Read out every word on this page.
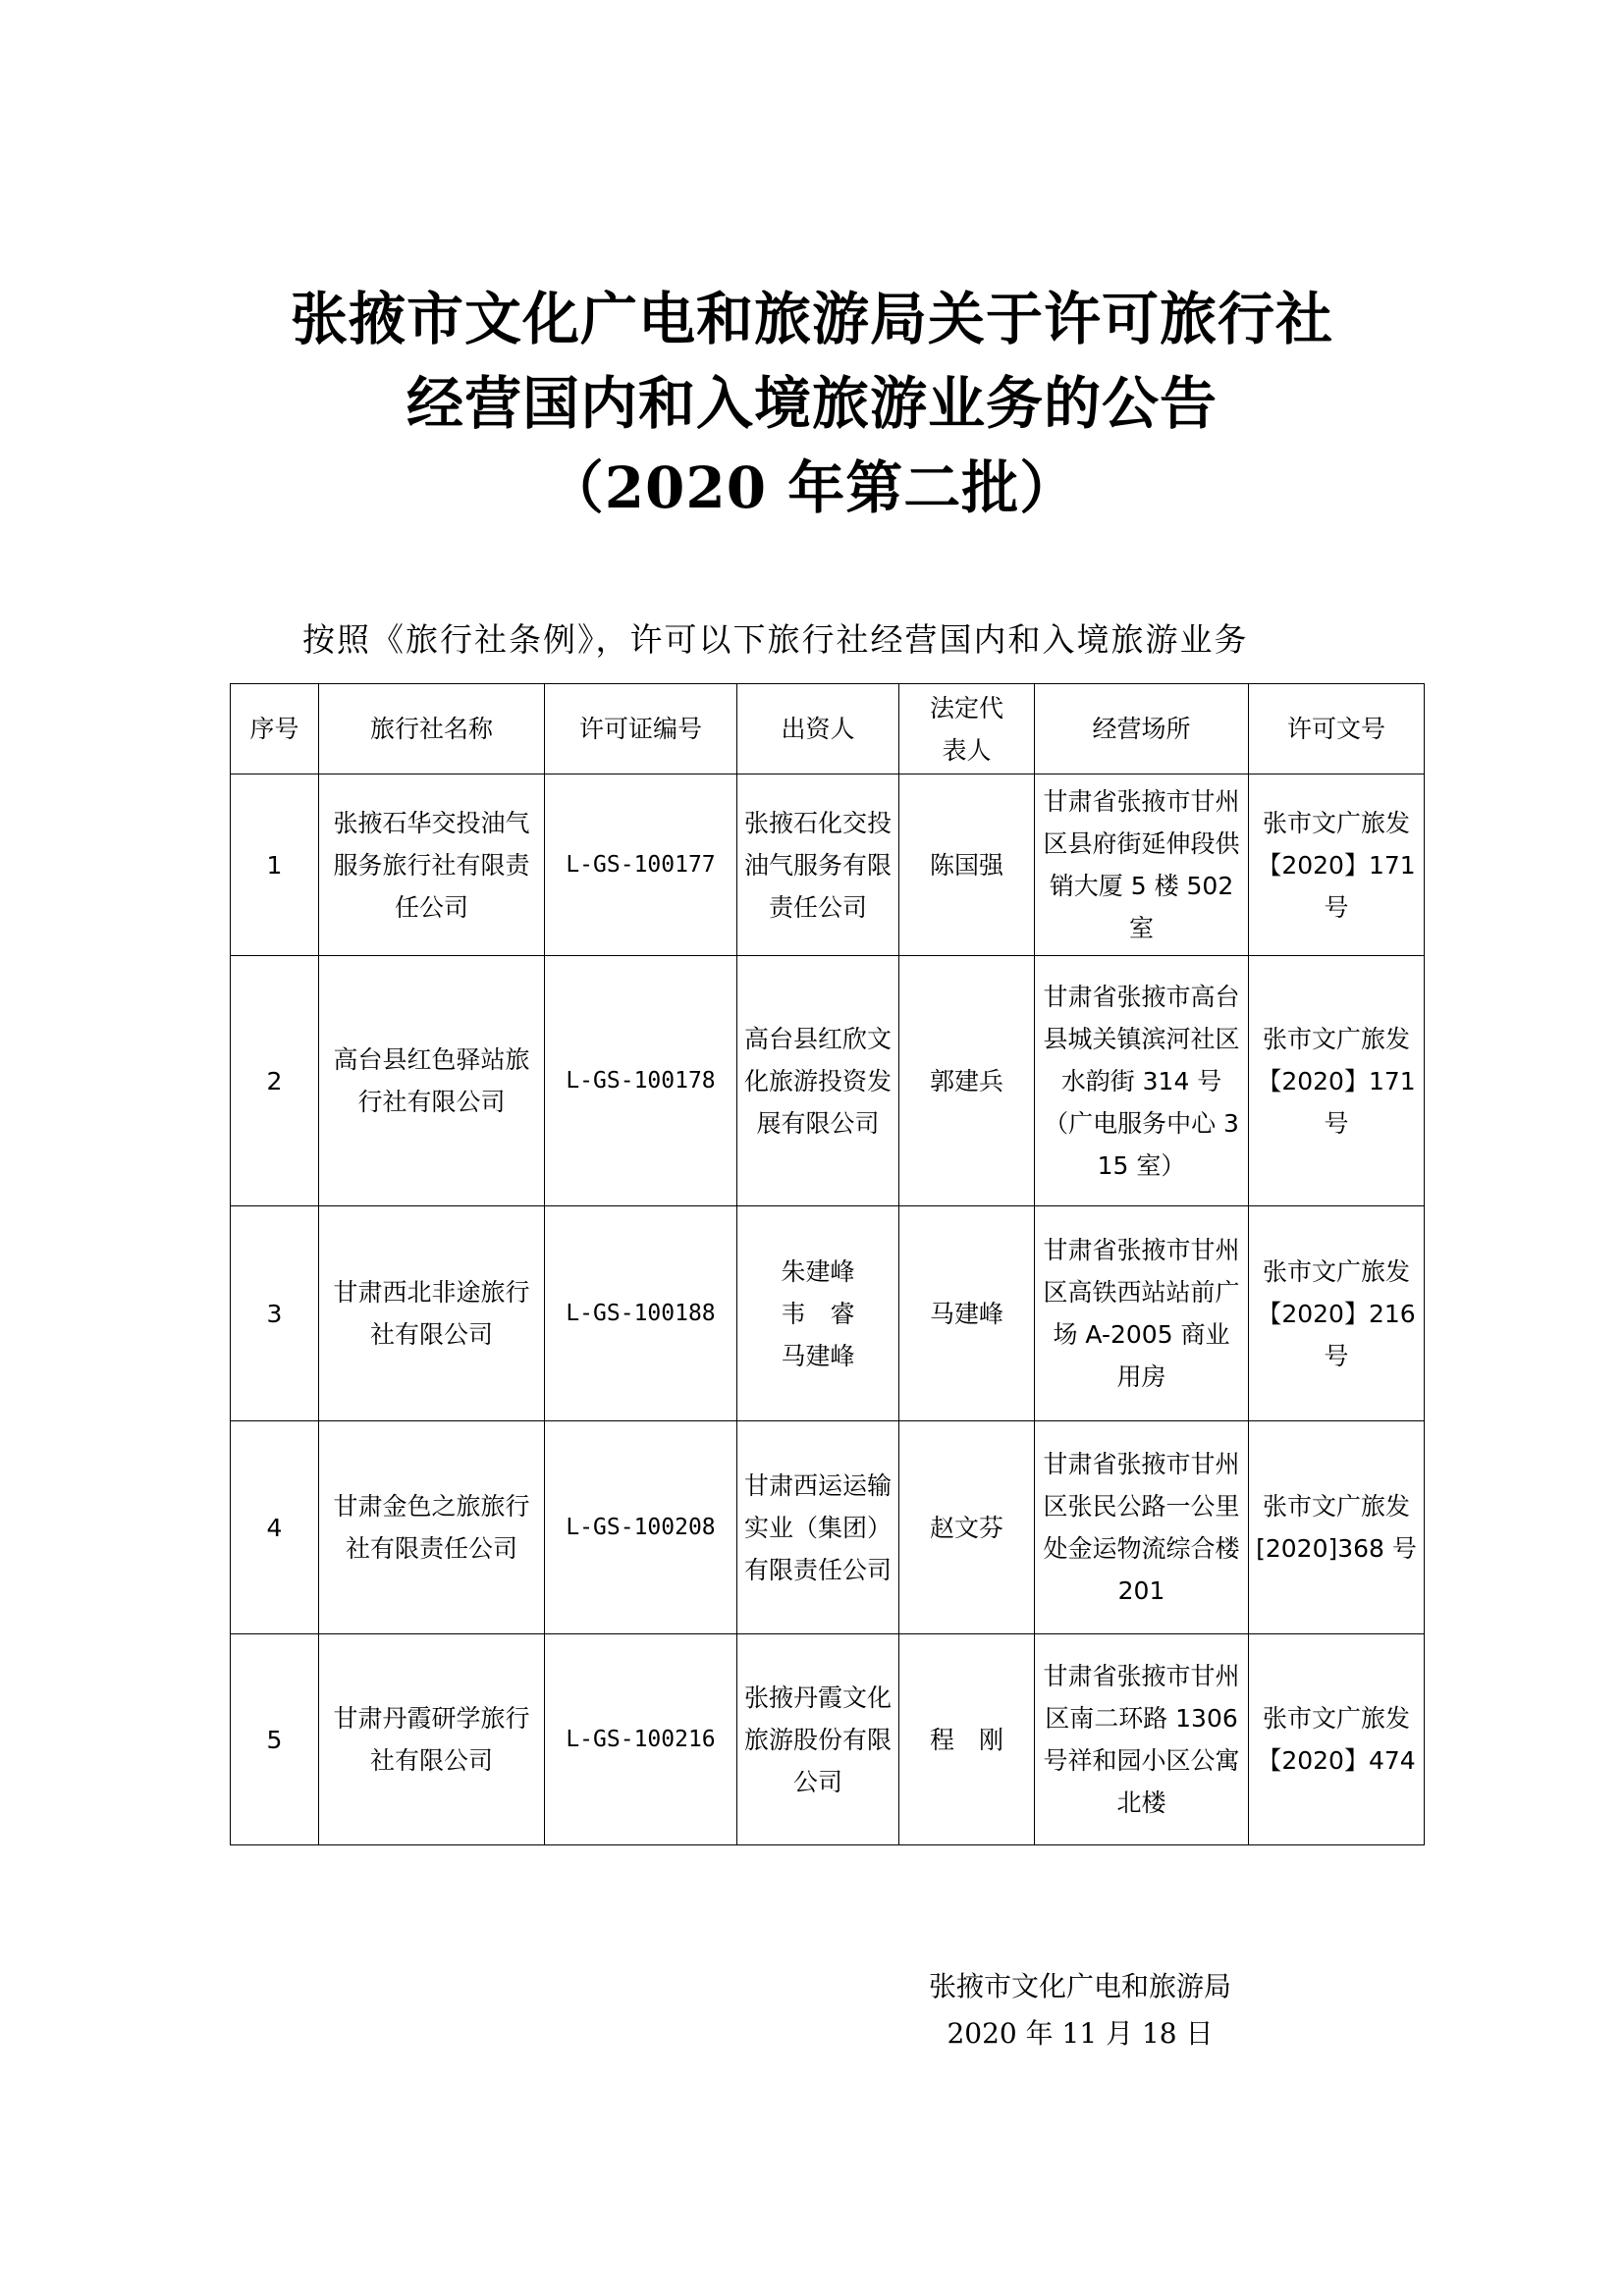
张掖市文化广电和旅游局关于许可旅行社
经营国内和入境旅游业务的公告
（2020 年第二批）
按照《旅行社条例》，许可以下旅行社经营国内和入境旅游业务
序号	旅行社名称	许可证编号	出资人	法定代
表人	经营场所	许可文号
1	张掖石华交投油气服务旅行社有限责任公司	L-GS-100177	张掖石化交投油气服务有限责任公司	陈国强	甘肃省张掖市甘州区县府街延伸段供销大厦 5 楼 502 室	张市文广旅发【2020】171 号
2	高台县红色驿站旅行社有限公司	L-GS-100178	高台县红欣文化旅游投资发展有限公司	郭建兵	甘肃省张掖市高台县城关镇滨河社区水韵街 314 号（广电服务中心 315 室）	张市文广旅发【2020】171 号
3	甘肃西北非途旅行社有限公司	L-GS-100188	朱建峰
韦　睿
马建峰	马建峰	甘肃省张掖市甘州区高铁西站站前广场 A-2005 商业用房	张市文广旅发【2020】216 号
4	甘肃金色之旅旅行社有限责任公司	L-GS-100208	甘肃西运运输实业（集团）有限责任公司	赵文芬	甘肃省张掖市甘州区张民公路一公里处金运物流综合楼 201	张市文广旅发[2020]368 号
5	甘肃丹霞研学旅行社有限公司	L-GS-100216	张掖丹霞文化旅游股份有限公司	程　刚	甘肃省张掖市甘州区南二环路 1306 号祥和园小区公寓北楼	张市文广旅发【2020】474
张掖市文化广电和旅游局
2020 年 11 月 18 日
